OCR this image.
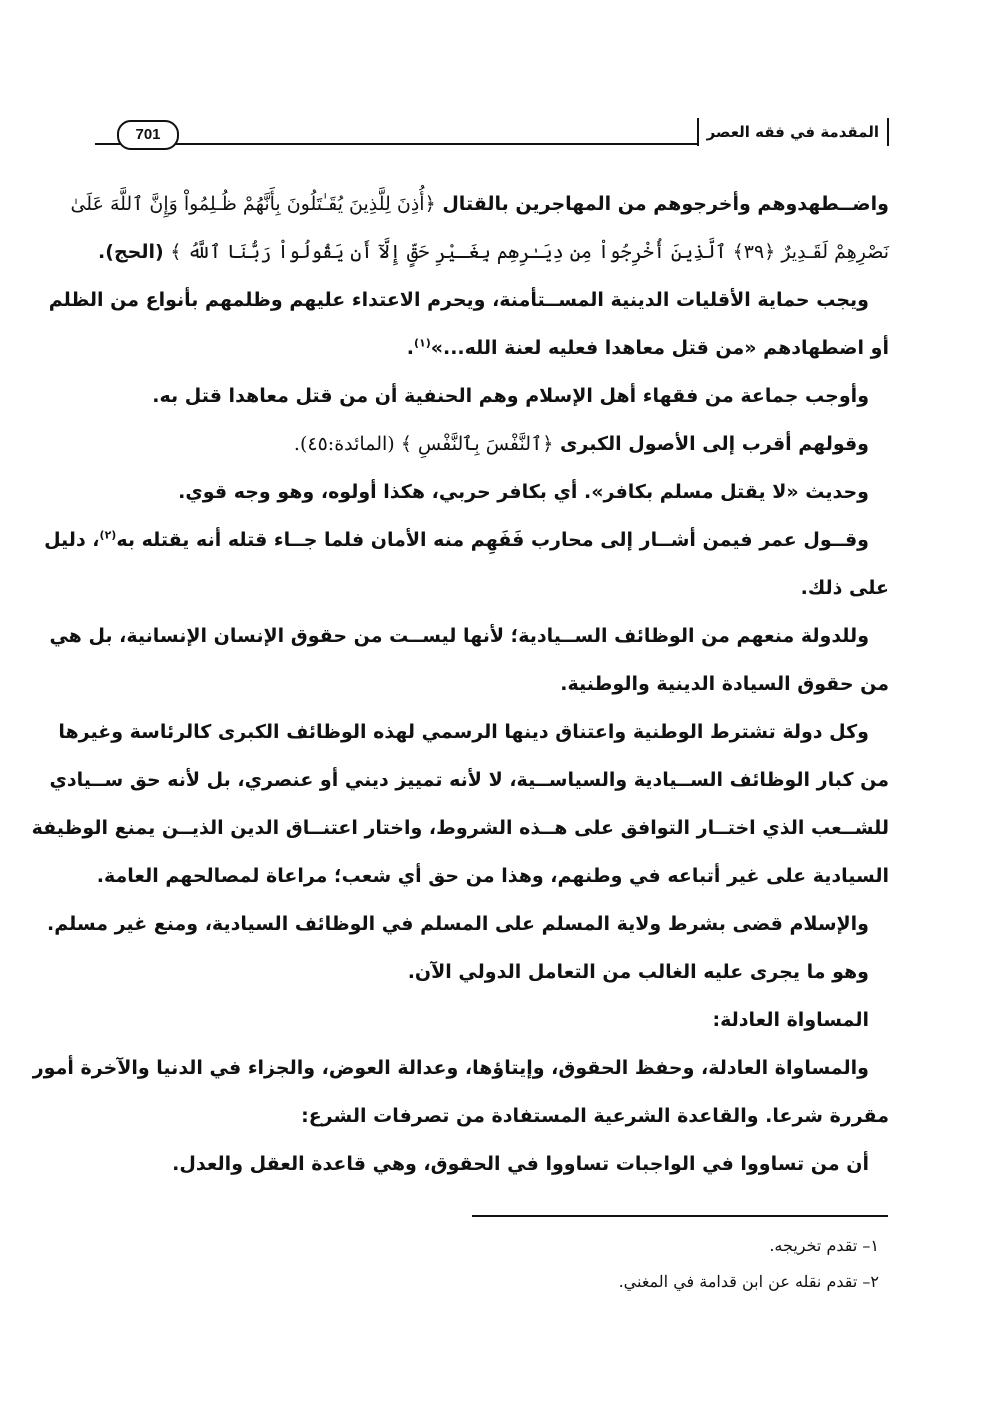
701	المقدمة في فقه العصر
واضــطهدوهم وأخرجوهم من المهاجرين بالقتال ﴿أُذِنَ لِلَّذِينَ يُقَـٰتَلُونَ بِأَنَّهُمْ ظُـلِمُواْ وَإِنَّ ٱللَّهَ عَلَىٰ
نَصْرِهِمْ لَقَـدِيرٌ ﴿٣٩﴾ ٱلَّذِينَ أُخْرِجُواْ مِن دِيَـٰرِهِم بِغَـيْرِ حَقٍّ إِلَّآ أَن يَقُولُواْ رَبُّنَا ٱللَّهُ ﴾ (الحج).
ويجب حماية الأقليات الدينية المســتأمنة، ويحرم الاعتداء عليهم وظلمهم بأنواع من الظلم
أو اضطهادهم «من قتل معاهدا فعليه لعنة الله...»$^{(١)}$.
وأوجب جماعة من فقهاء أهل الإسلام وهم الحنفية أن من قتل معاهدا قتل به.
وقولهم أقرب إلى الأصول الكبرى ﴿ٱلنَّفْسَ بِٱلنَّفْسِ ﴾ (المائدة:٤٥).
وحديث «لا يقتل مسلم بكافر». أي بكافر حربي، هكذا أولوه، وهو وجه قوي.
وقــول عمر فيمن أشــار إلى محارب فَفَهِم منه الأمان فلما جــاء قتله أنه يقتله به$^{(٢)}$، دليل
على ذلك.
وللدولة منعهم من الوظائف الســيادية؛ لأنها ليســت من حقوق الإنسان الإنسانية، بل هي
من حقوق السيادة الدينية والوطنية.
وكل دولة تشترط الوطنية واعتناق دينها الرسمي لهذه الوظائف الكبرى كالرئاسة وغيرها
من كبار الوظائف الســيادية والسياســية، لا لأنه تمييز ديني أو عنصري، بل لأنه حق ســيادي
للشــعب الذي اختــار التوافق على هــذه الشروط، واختار اعتنــاق الدين الذيــن يمنع الوظيفة
السيادية على غير أتباعه في وطنهم، وهذا من حق أي شعب؛ مراعاة لمصالحهم العامة.
والإسلام قضى بشرط ولاية المسلم على المسلم في الوظائف السيادية، ومنع غير مسلم.
وهو ما يجرى عليه الغالب من التعامل الدولي الآن.
المساواة العادلة:
والمساواة العادلة، وحفظ الحقوق، وإيتاؤها، وعدالة العوض، والجزاء في الدنيا والآخرة أمور
مقررة شرعا. والقاعدة الشرعية المستفادة من تصرفات الشرع:
أن من تساووا في الواجبات تساووا في الحقوق، وهي قاعدة العقل والعدل.
١– تقدم تخريجه.
٢– تقدم نقله عن ابن قدامة في المغني.
